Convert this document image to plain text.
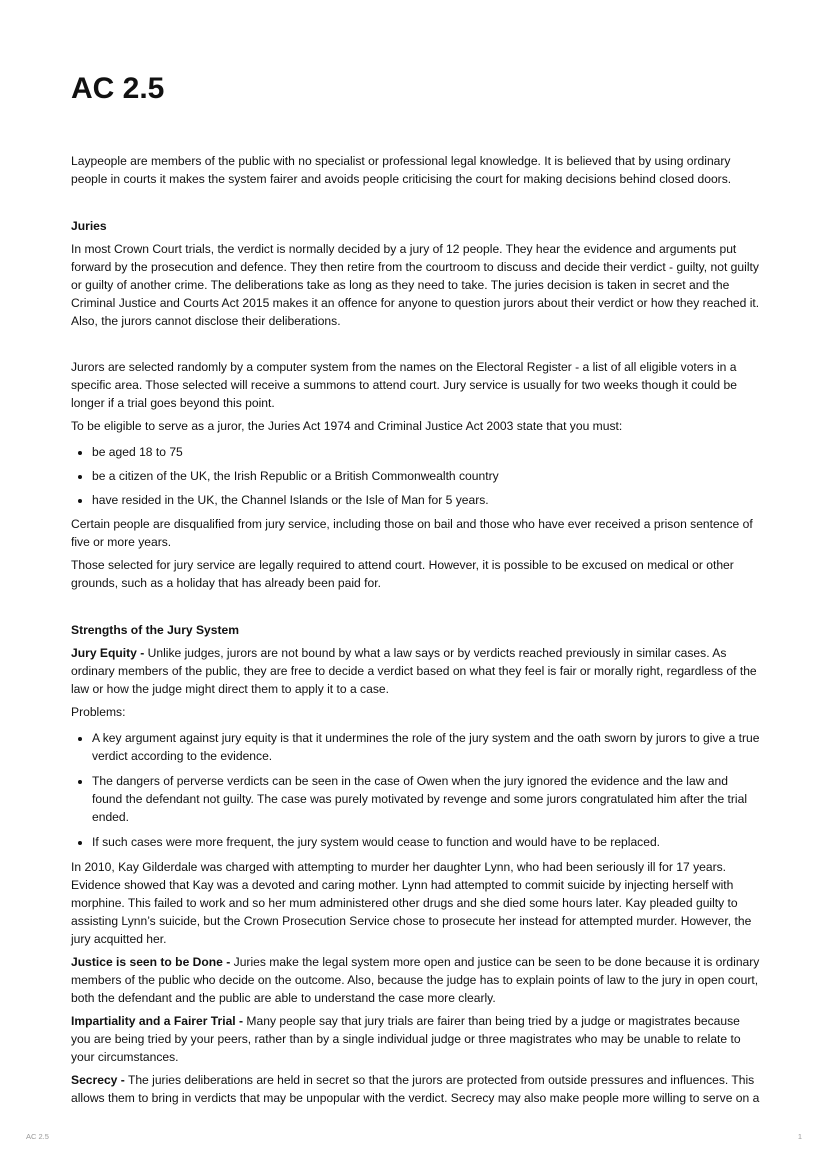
AC 2.5

Laypeople are members of the public with no specialist or professional legal knowledge. It is believed that by using ordinary people in courts it makes the system fairer and avoids people criticising the court for making decisions behind closed doors.

Juries

In most Crown Court trials, the verdict is normally decided by a jury of 12 people. They hear the evidence and arguments put forward by the prosecution and defence. They then retire from the courtroom to discuss and decide their verdict - guilty, not guilty or guilty of another crime. The deliberations take as long as they need to take. The juries decision is taken in secret and the Criminal Justice and Courts Act 2015 makes it an offence for anyone to question jurors about their verdict or how they reached it. Also, the jurors cannot disclose their deliberations.

Jurors are selected randomly by a computer system from the names on the Electoral Register - a list of all eligible voters in a specific area. Those selected will receive a summons to attend court. Jury service is usually for two weeks though it could be longer if a trial goes beyond this point.

To be eligible to serve as a juror, the Juries Act 1974 and Criminal Justice Act 2003 state that you must:

• be aged 18 to 75
• be a citizen of the UK, the Irish Republic or a British Commonwealth country
• have resided in the UK, the Channel Islands or the Isle of Man for 5 years.

Certain people are disqualified from jury service, including those on bail and those who have ever received a prison sentence of five or more years.

Those selected for jury service are legally required to attend court. However, it is possible to be excused on medical or other grounds, such as a holiday that has already been paid for.

Strengths of the Jury System

Jury Equity - Unlike judges, jurors are not bound by what a law says or by verdicts reached previously in similar cases. As ordinary members of the public, they are free to decide a verdict based on what they feel is fair or morally right, regardless of the law or how the judge might direct them to apply it to a case.

Problems:

• A key argument against jury equity is that it undermines the role of the jury system and the oath sworn by jurors to give a true verdict according to the evidence.
• The dangers of perverse verdicts can be seen in the case of Owen when the jury ignored the evidence and the law and found the defendant not guilty. The case was purely motivated by revenge and some jurors congratulated him after the trial ended.
• If such cases were more frequent, the jury system would cease to function and would have to be replaced.

In 2010, Kay Gilderdale was charged with attempting to murder her daughter Lynn, who had been seriously ill for 17 years. Evidence showed that Kay was a devoted and caring mother. Lynn had attempted to commit suicide by injecting herself with morphine. This failed to work and so her mum administered other drugs and she died some hours later. Kay pleaded guilty to assisting Lynn’s suicide, but the Crown Prosecution Service chose to prosecute her instead for attempted murder. However, the jury acquitted her.

Justice is seen to be Done - Juries make the legal system more open and justice can be seen to be done because it is ordinary members of the public who decide on the outcome. Also, because the judge has to explain points of law to the jury in open court, both the defendant and the public are able to understand the case more clearly.

Impartiality and a Fairer Trial - Many people say that jury trials are fairer than being tried by a judge or magistrates because you are being tried by your peers, rather than by a single individual judge or three magistrates who may be unable to relate to your circumstances.

Secrecy - The juries deliberations are held in secret so that the jurors are protected from outside pressures and influences. This allows them to bring in verdicts that may be unpopular with the verdict. Secrecy may also make people more willing to serve on a

AC 2.5	1
